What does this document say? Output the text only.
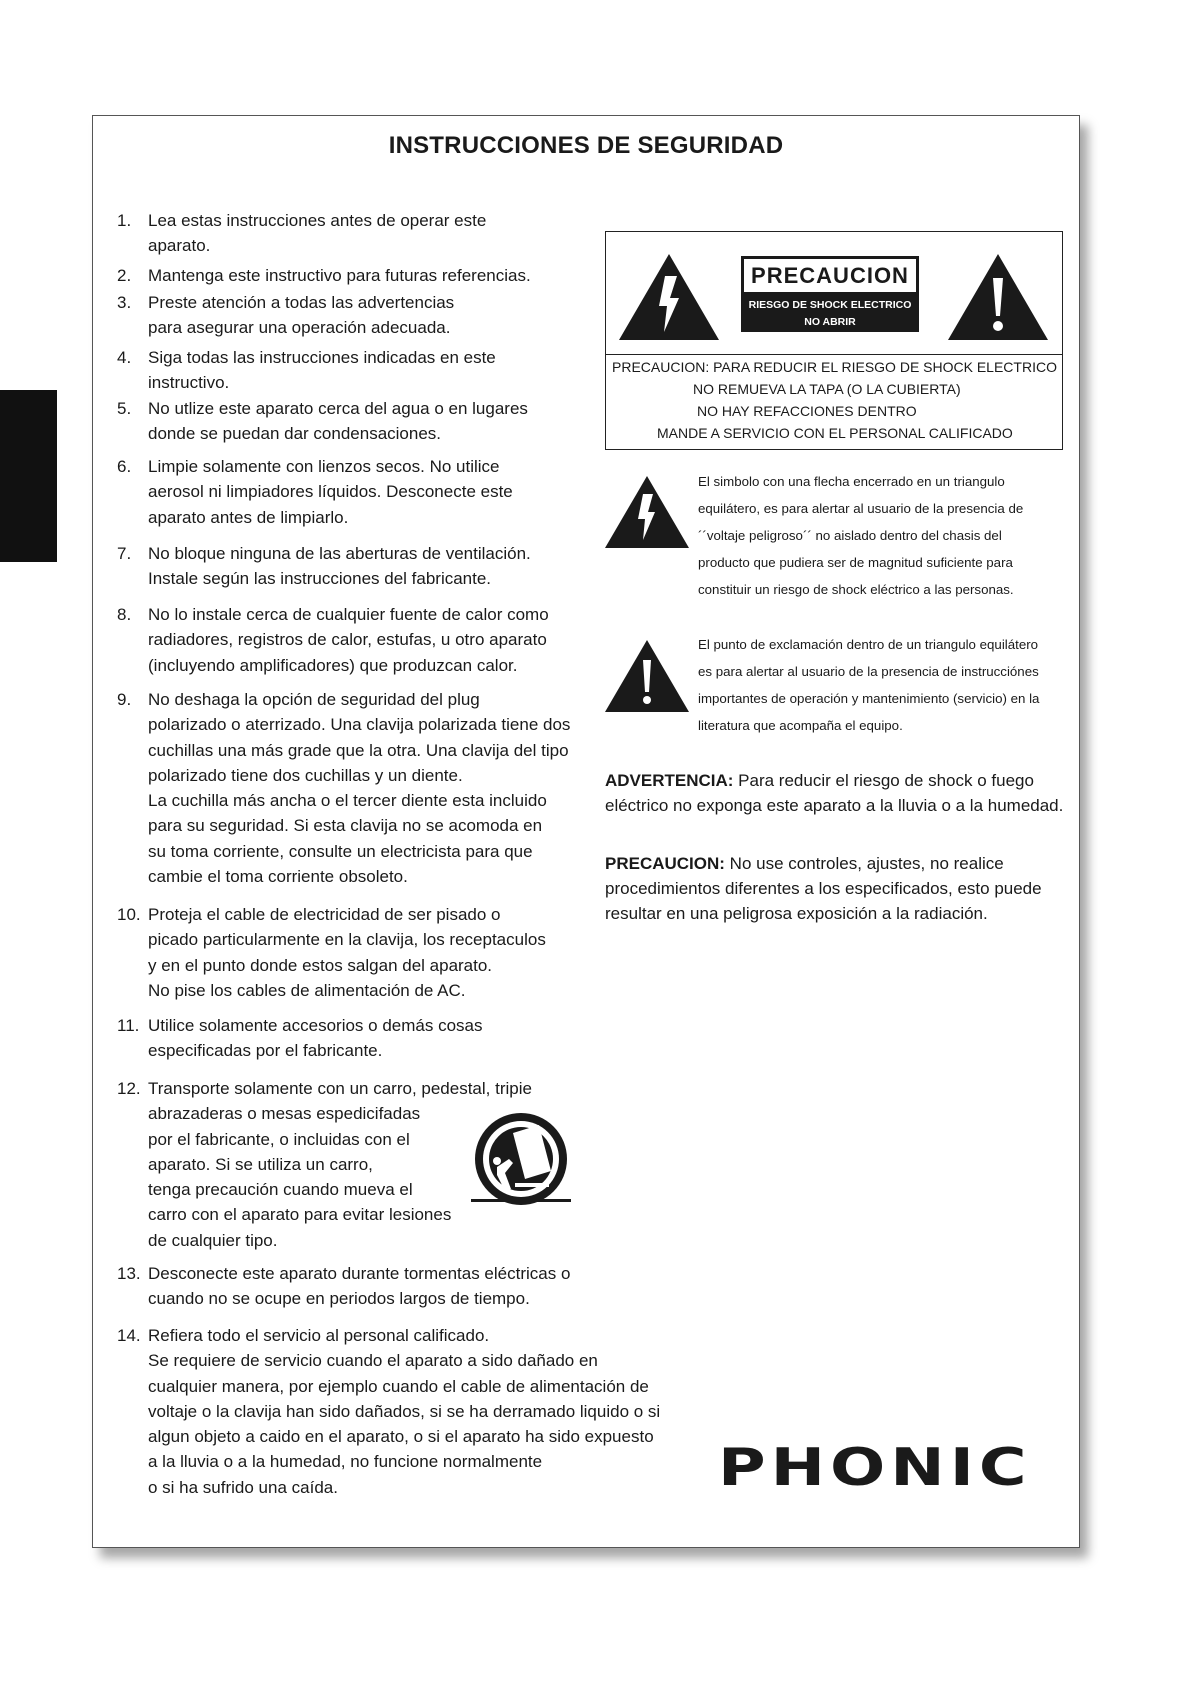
INSTRUCCIONES DE SEGURIDAD
1. Lea estas instrucciones antes de operar este
aparato.
2. Mantenga este instructivo para futuras referencias.
3. Preste atención a todas las advertencias
para asegurar una operación adecuada.
4. Siga todas las instrucciones indicadas en este
instructivo.
5. No utlize este aparato cerca del agua o en lugares
donde se puedan dar condensaciones.
6. Limpie solamente con lienzos secos. No utilice
aerosol ni limpiadores líquidos. Desconecte este
aparato antes de limpiarlo.
7. No bloque ninguna de las aberturas de ventilación.
Instale según las instrucciones del fabricante.
8. No lo instale cerca de cualquier fuente de calor como
radiadores, registros de calor, estufas, u otro aparato
(incluyendo amplificadores) que produzcan calor.
9. No deshaga la opción de seguridad del plug
polarizado o aterrizado. Una clavija polarizada tiene dos
cuchillas una más grade que la otra. Una clavija del tipo
polarizado tiene dos cuchillas y un diente.
La cuchilla más ancha o el tercer diente esta incluido
para su seguridad. Si esta clavija no se acomoda en
su toma corriente, consulte un electricista para que
cambie el toma corriente obsoleto.
10. Proteja el cable de electricidad de ser pisado o
picado particularmente en la clavija, los receptaculos
y en el punto donde estos salgan del aparato.
No pise los cables de alimentación de AC.
11. Utilice solamente accesorios o demás cosas
especificadas por el fabricante.
12. Transporte solamente con un carro, pedestal, tripie
abrazaderas o mesas espedicifadas
por el fabricante, o incluidas con el
aparato. Si se utiliza un carro,
tenga precaución cuando mueva el
carro con el aparato para evitar lesiones
de cualquier tipo.
13. Desconecte este aparato durante tormentas eléctricas o
cuando no se ocupe en periodos largos de tiempo.
14. Refiera todo el servicio al personal calificado.
Se requiere de servicio cuando el aparato a sido dañado en
cualquier manera, por ejemplo cuando el cable de alimentación de
voltaje o la clavija han sido dañados, si se ha derramado liquido o si
algun objeto a caido en el aparato, o si el aparato ha sido expuesto
a la lluvia o a la humedad, no funcione normalmente
o si ha sufrido una caída.
PRECAUCION
RIESGO DE SHOCK ELECTRICO
NO ABRIR
PRECAUCION: PARA REDUCIR EL RIESGO DE SHOCK ELECTRICO
NO REMUEVA LA TAPA (O LA CUBIERTA)
NO HAY REFACCIONES DENTRO
MANDE A SERVICIO CON EL PERSONAL CALIFICADO
El simbolo con una flecha encerrado en un triangulo
equilátero, es para alertar al usuario de la presencia de
´´voltaje peligroso´´ no aislado dentro del chasis del
producto que pudiera ser de magnitud suficiente para
constituir un riesgo de shock eléctrico a las personas.
El punto de exclamación dentro de un triangulo equilátero
es para alertar al usuario de la presencia de instrucciónes
importantes de operación y mantenimiento (servicio) en la
literatura que acompaña el equipo.
ADVERTENCIA: Para reducir el riesgo de shock o fuego eléctrico no exponga este aparato a la lluvia o a la humedad.
PRECAUCION: No use controles, ajustes, no realice procedimientos diferentes a los especificados, esto puede resultar en una peligrosa exposición a la radiación.
PHONIC
